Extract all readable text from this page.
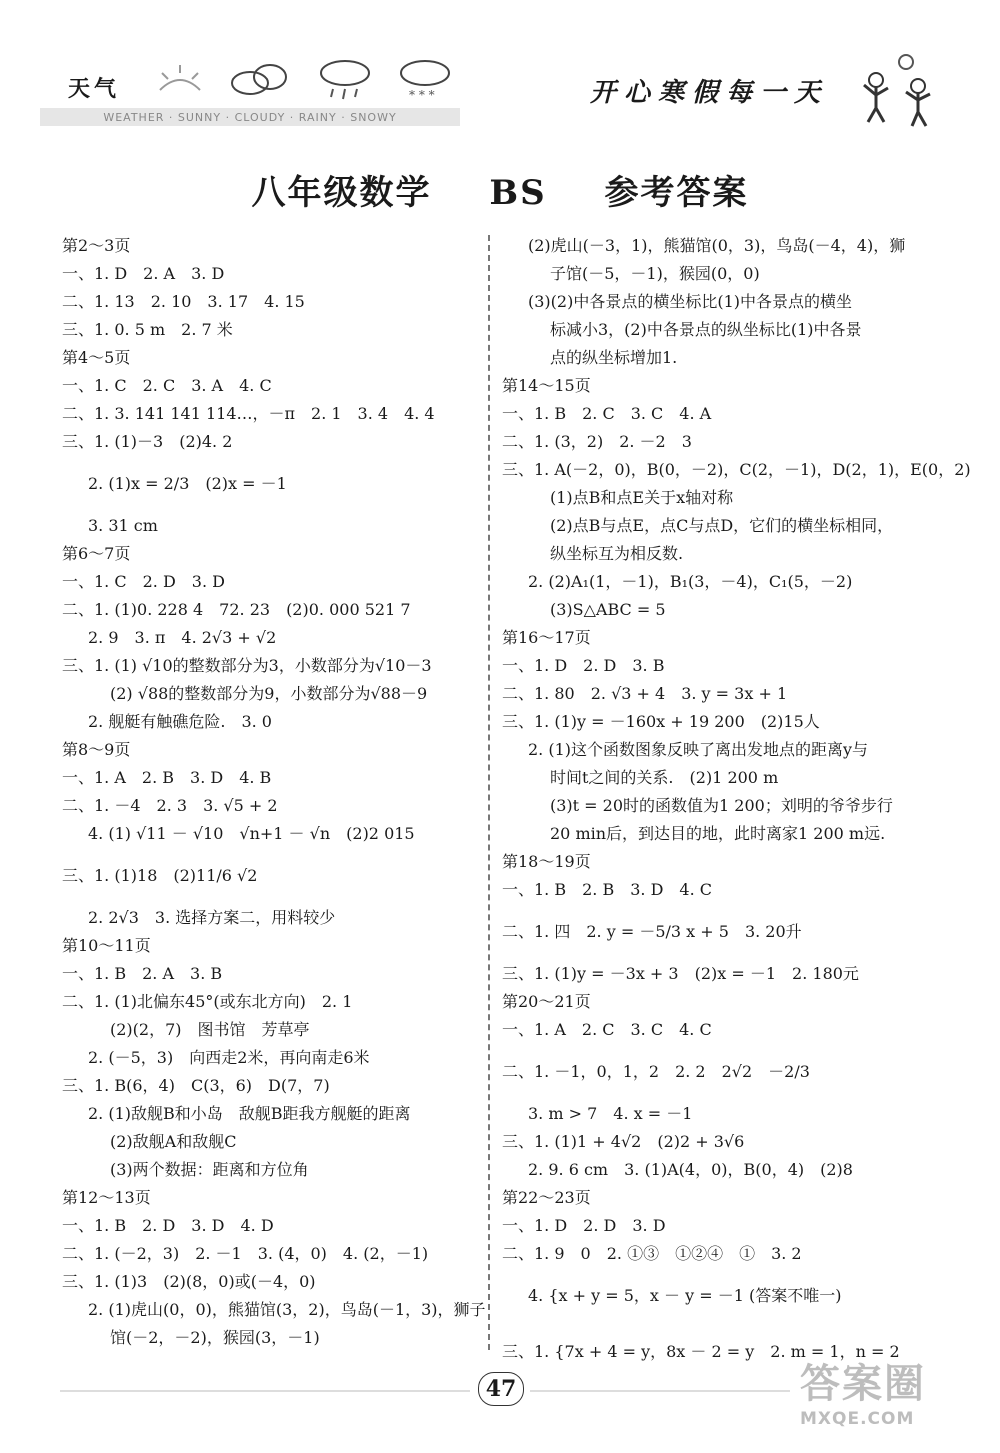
天气	* * *
WEATHER · SUNNY · CLOUDY · RAINY · SNOWY
开心寒假每一天
八年级数学 BS 参考答案
第2～3页
一、1. D　2. A　3. D
二、1. 13　2. 10　3. 17　4. 15
三、1. 0. 5 m　2. 7 米
第4～5页
一、1. C　2. C　3. A　4. C
二、1. 3. 141 141 114…，－π　2. 1　3. 4　4. 4
三、1. (1)－3　(2)4. 2
2. (1)x = 2/3　(2)x = －1
3. 31 cm
第6～7页
一、1. C　2. D　3. D
二、1. (1)0. 228 4　72. 23　(2)0. 000 521 7
2. 9　3. π　4. 2√3 + √2
三、1. (1) √10的整数部分为3，小数部分为√10－3
(2) √88的整数部分为9，小数部分为√88－9
2. 舰艇有触礁危险.　3. 0
第8～9页
一、1. A　2. B　3. D　4. B
二、1. －4　2. 3　3. √5 + 2
4. (1) √11 － √10　√n+1 － √n　(2)2 015
三、1. (1)18　(2)11/6 √2
2. 2√3　3. 选择方案二，用料较少
第10～11页
一、1. B　2. A　3. B
二、1. (1)北偏东45°(或东北方向)　2. 1
(2)(2，7)　图书馆　芳草亭
2. (－5，3)　向西走2米，再向南走6米
三、1. B(6，4)　C(3，6)　D(7，7)
2. (1)敌舰B和小岛　敌舰B距我方舰艇的距离
(2)敌舰A和敌舰C
(3)两个数据：距离和方位角
第12～13页
一、1. B　2. D　3. D　4. D
二、1. (－2，3)　2. －1　3. (4，0)　4. (2，－1)
三、1. (1)3　(2)(8，0)或(－4，0)
2. (1)虎山(0，0)，熊猫馆(3，2)，鸟岛(－1，3)，狮子
馆(－2，－2)，猴园(3，－1)
(2)虎山(－3，1)，熊猫馆(0，3)，鸟岛(－4，4)，狮
子馆(－5，－1)，猴园(0，0)
(3)(2)中各景点的横坐标比(1)中各景点的横坐
标减小3，(2)中各景点的纵坐标比(1)中各景
点的纵坐标增加1.
第14～15页
一、1. B　2. C　3. C　4. A
二、1. (3，2)　2. －2　3
三、1. A(－2，0)，B(0，－2)，C(2，－1)，D(2，1)，E(0，2)
(1)点B和点E关于x轴对称
(2)点B与点E，点C与点D，它们的横坐标相同，
纵坐标互为相反数.
2. (2)A₁(1，－1)，B₁(3，－4)，C₁(5，－2)
(3)S△ABC = 5
第16～17页
一、1. D　2. D　3. B
二、1. 80　2. √3 + 4　3. y = 3x + 1
三、1. (1)y = －160x + 19 200　(2)15人
2. (1)这个函数图象反映了离出发地点的距离y与
时间t之间的关系.　(2)1 200 m
(3)t = 20时的函数值为1 200；刘明的爷爷步行
20 min后，到达目的地，此时离家1 200 m远.
第18～19页
一、1. B　2. B　3. D　4. C
二、1. 四　2. y = －5/3 x + 5　3. 20升
三、1. (1)y = －3x + 3　(2)x = －1　2. 180元
第20～21页
一、1. A　2. C　3. C　4. C
二、1. －1，0，1，2　2. 2　2√2　－2/3
3. m > 7　4. x = －1
三、1. (1)1 + 4√2　(2)2 + 3√6
2. 9. 6 cm　3. (1)A(4，0)，B(0，4)　(2)8
第22～23页
一、1. D　2. D　3. D
二、1. 9　0　2. ①③　①②④　①　3. 2
4. {x + y = 5，x － y = －1 (答案不唯一)
三、1. {7x + 4 = y，8x － 2 = y　2. m = 1，n = 2
47	答案圈
MXQE.COM
